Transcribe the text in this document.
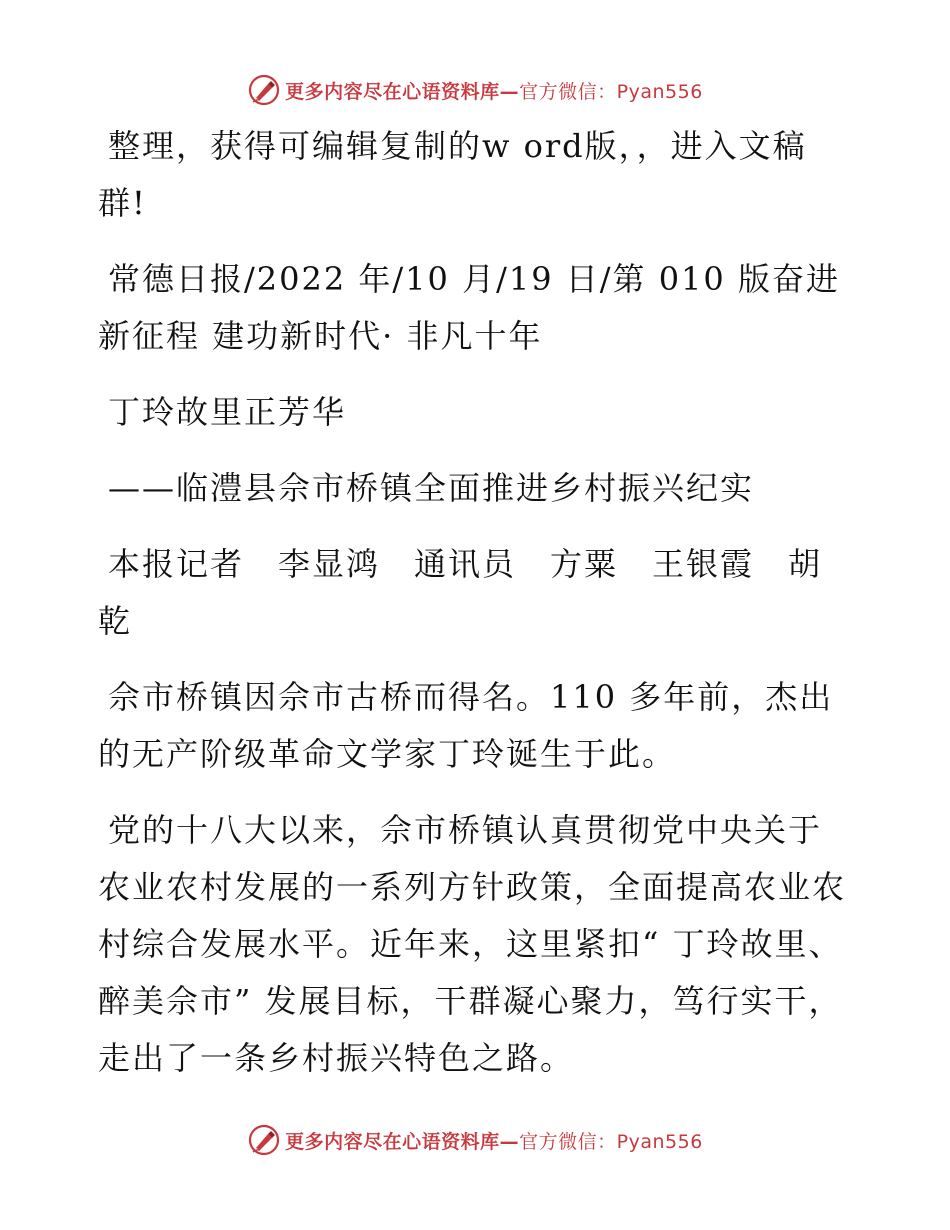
更多内容尽在心语资料库—官方微信：Pyan556

整理，获得可编辑复制的w ord版，，进入文稿群!

常德日报/2022 年/10 月/19 日/第 010 版奋进新征程 建功新时代· 非凡十年

丁玲故里正芳华

——临澧县佘市桥镇全面推进乡村振兴纪实

本报记者　李显鸿　通讯员　方粟　王银霞　胡乾

佘市桥镇因佘市古桥而得名。110 多年前，杰出的无产阶级革命文学家丁玲诞生于此。

党的十八大以来，佘市桥镇认真贯彻党中央关于农业农村发展的一系列方针政策，全面提高农业农村综合发展水平。近年来，这里紧扣“ 丁玲故里、醉美佘市” 发展目标，干群凝心聚力，笃行实干，走出了一条乡村振兴特色之路。

更多内容尽在心语资料库—官方微信：Pyan556
